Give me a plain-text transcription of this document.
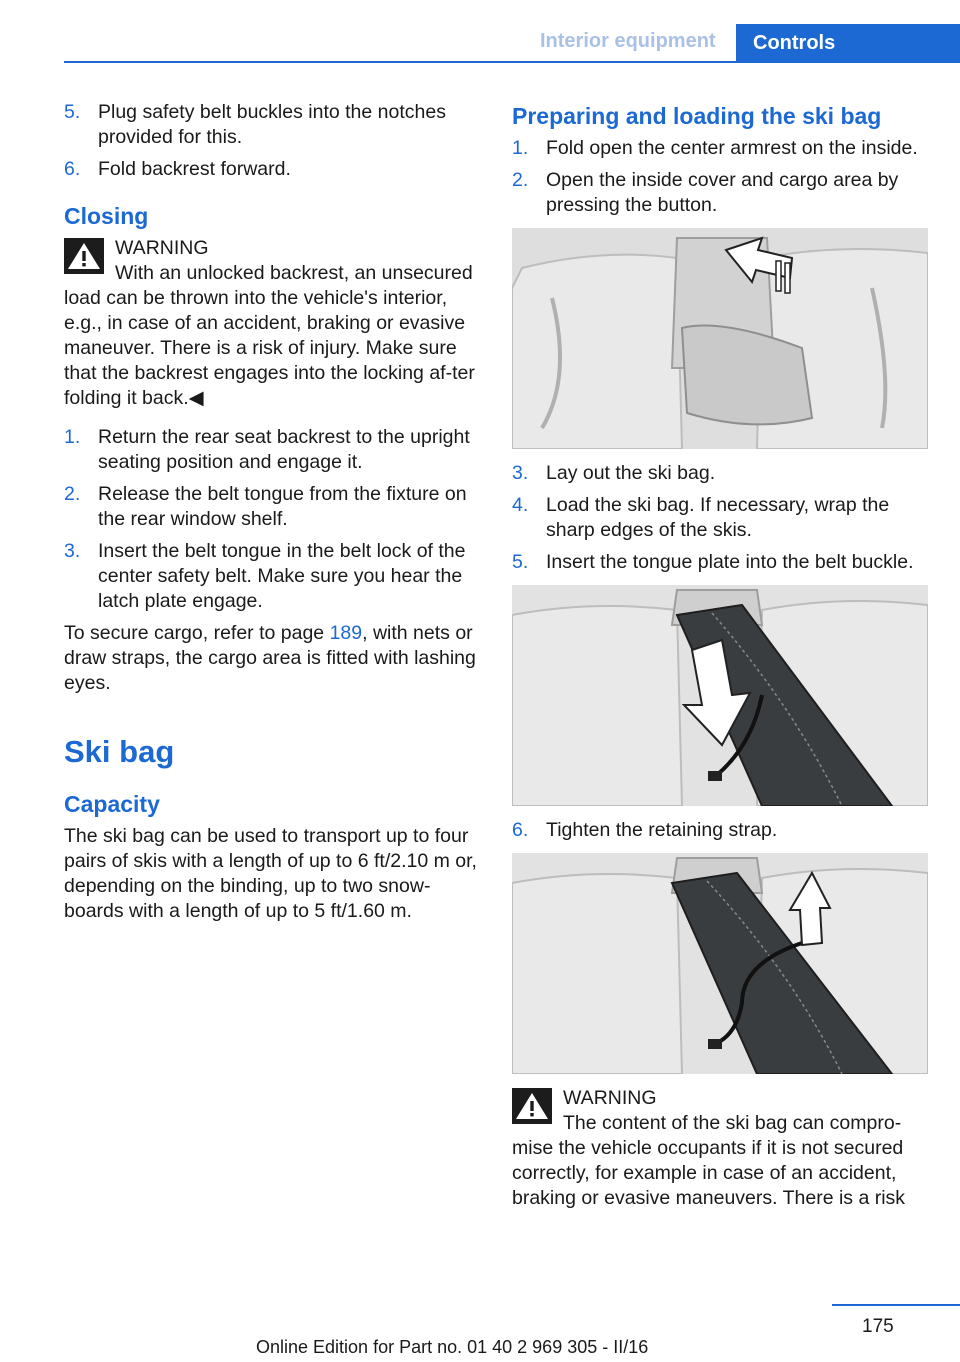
Interior equipment Controls
5. Plug safety belt buckles into the notches provided for this.
6. Fold backrest forward.
Closing
WARNING
With an unlocked backrest, an unsecured load can be thrown into the vehicle's interior, e.g., in case of an accident, braking or evasive maneuver. There is a risk of injury. Make sure that the backrest engages into the locking af‐ter folding it back.◀
1. Return the rear seat backrest to the upright seating position and engage it.
2. Release the belt tongue from the fixture on the rear window shelf.
3. Insert the belt tongue in the belt lock of the center safety belt. Make sure you hear the latch plate engage.

To secure cargo, refer to page 189, with nets or draw straps, the cargo area is fitted with lashing eyes.

Ski bag
Capacity

The ski bag can be used to transport up to four pairs of skis with a length of up to 6 ft/2.10 m or, depending on the binding, up to two snow‐boards with a length of up to 5 ft/1.60 m.

Preparing and loading the ski bag
1. Fold open the center armrest on the inside.
2. Open the inside cover and cargo area by pressing the button.
3. Lay out the ski bag.
4. Load the ski bag. If necessary, wrap the sharp edges of the skis.
5. Insert the tongue plate into the belt buckle.
6. Tighten the retaining strap.
WARNING
The content of the ski bag can compro‐mise the vehicle occupants if it is not secured correctly, for example in case of an accident, braking or evasive maneuvers. There is a risk
175
Online Edition for Part no. 01 40 2 969 305 - II/16
